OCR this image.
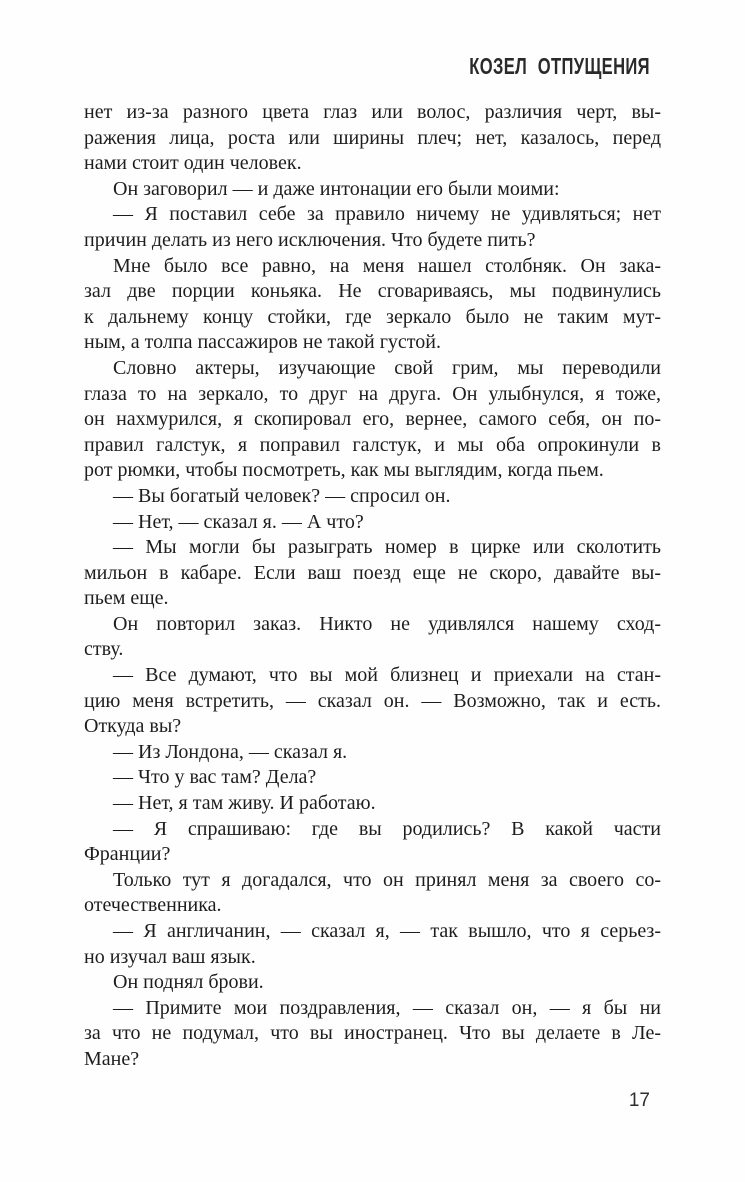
КОЗЕЛ ОТПУЩЕНИЯ
нет из-за разного цвета глаз или волос, различия черт, вы-
ражения лица, роста или ширины плеч; нет, казалось, перед
нами стоит один человек.
Он заговорил — и даже интонации его были моими:
— Я поставил себе за правило ничему не удивляться; нет
причин делать из него исключения. Что будете пить?
Мне было все равно, на меня нашел столбняк. Он зака-
зал две порции коньяка. Не сговариваясь, мы подвинулись
к дальнему концу стойки, где зеркало было не таким мут-
ным, а толпа пассажиров не такой густой.
Словно актеры, изучающие свой грим, мы переводили
глаза то на зеркало, то друг на друга. Он улыбнулся, я тоже,
он нахмурился, я скопировал его, вернее, самого себя, он по-
правил галстук, я поправил галстук, и мы оба опрокинули в
рот рюмки, чтобы посмотреть, как мы выглядим, когда пьем.
— Вы богатый человек? — спросил он.
— Нет, — сказал я. — А что?
— Мы могли бы разыграть номер в цирке или сколотить
мильон в кабаре. Если ваш поезд еще не скоро, давайте вы-
пьем еще.
Он повторил заказ. Никто не удивлялся нашему сход-
ству.
— Все думают, что вы мой близнец и приехали на стан-
цию меня встретить, — сказал он. — Возможно, так и есть.
Откуда вы?
— Из Лондона, — сказал я.
— Что у вас там? Дела?
— Нет, я там живу. И работаю.
— Я спрашиваю: где вы родились? В какой части
Франции?
Только тут я догадался, что он принял меня за своего со-
отечественника.
— Я англичанин, — сказал я, — так вышло, что я серьез-
но изучал ваш язык.
Он поднял брови.
— Примите мои поздравления, — сказал он, — я бы ни
за что не подумал, что вы иностранец. Что вы делаете в Ле-
Мане?
17
